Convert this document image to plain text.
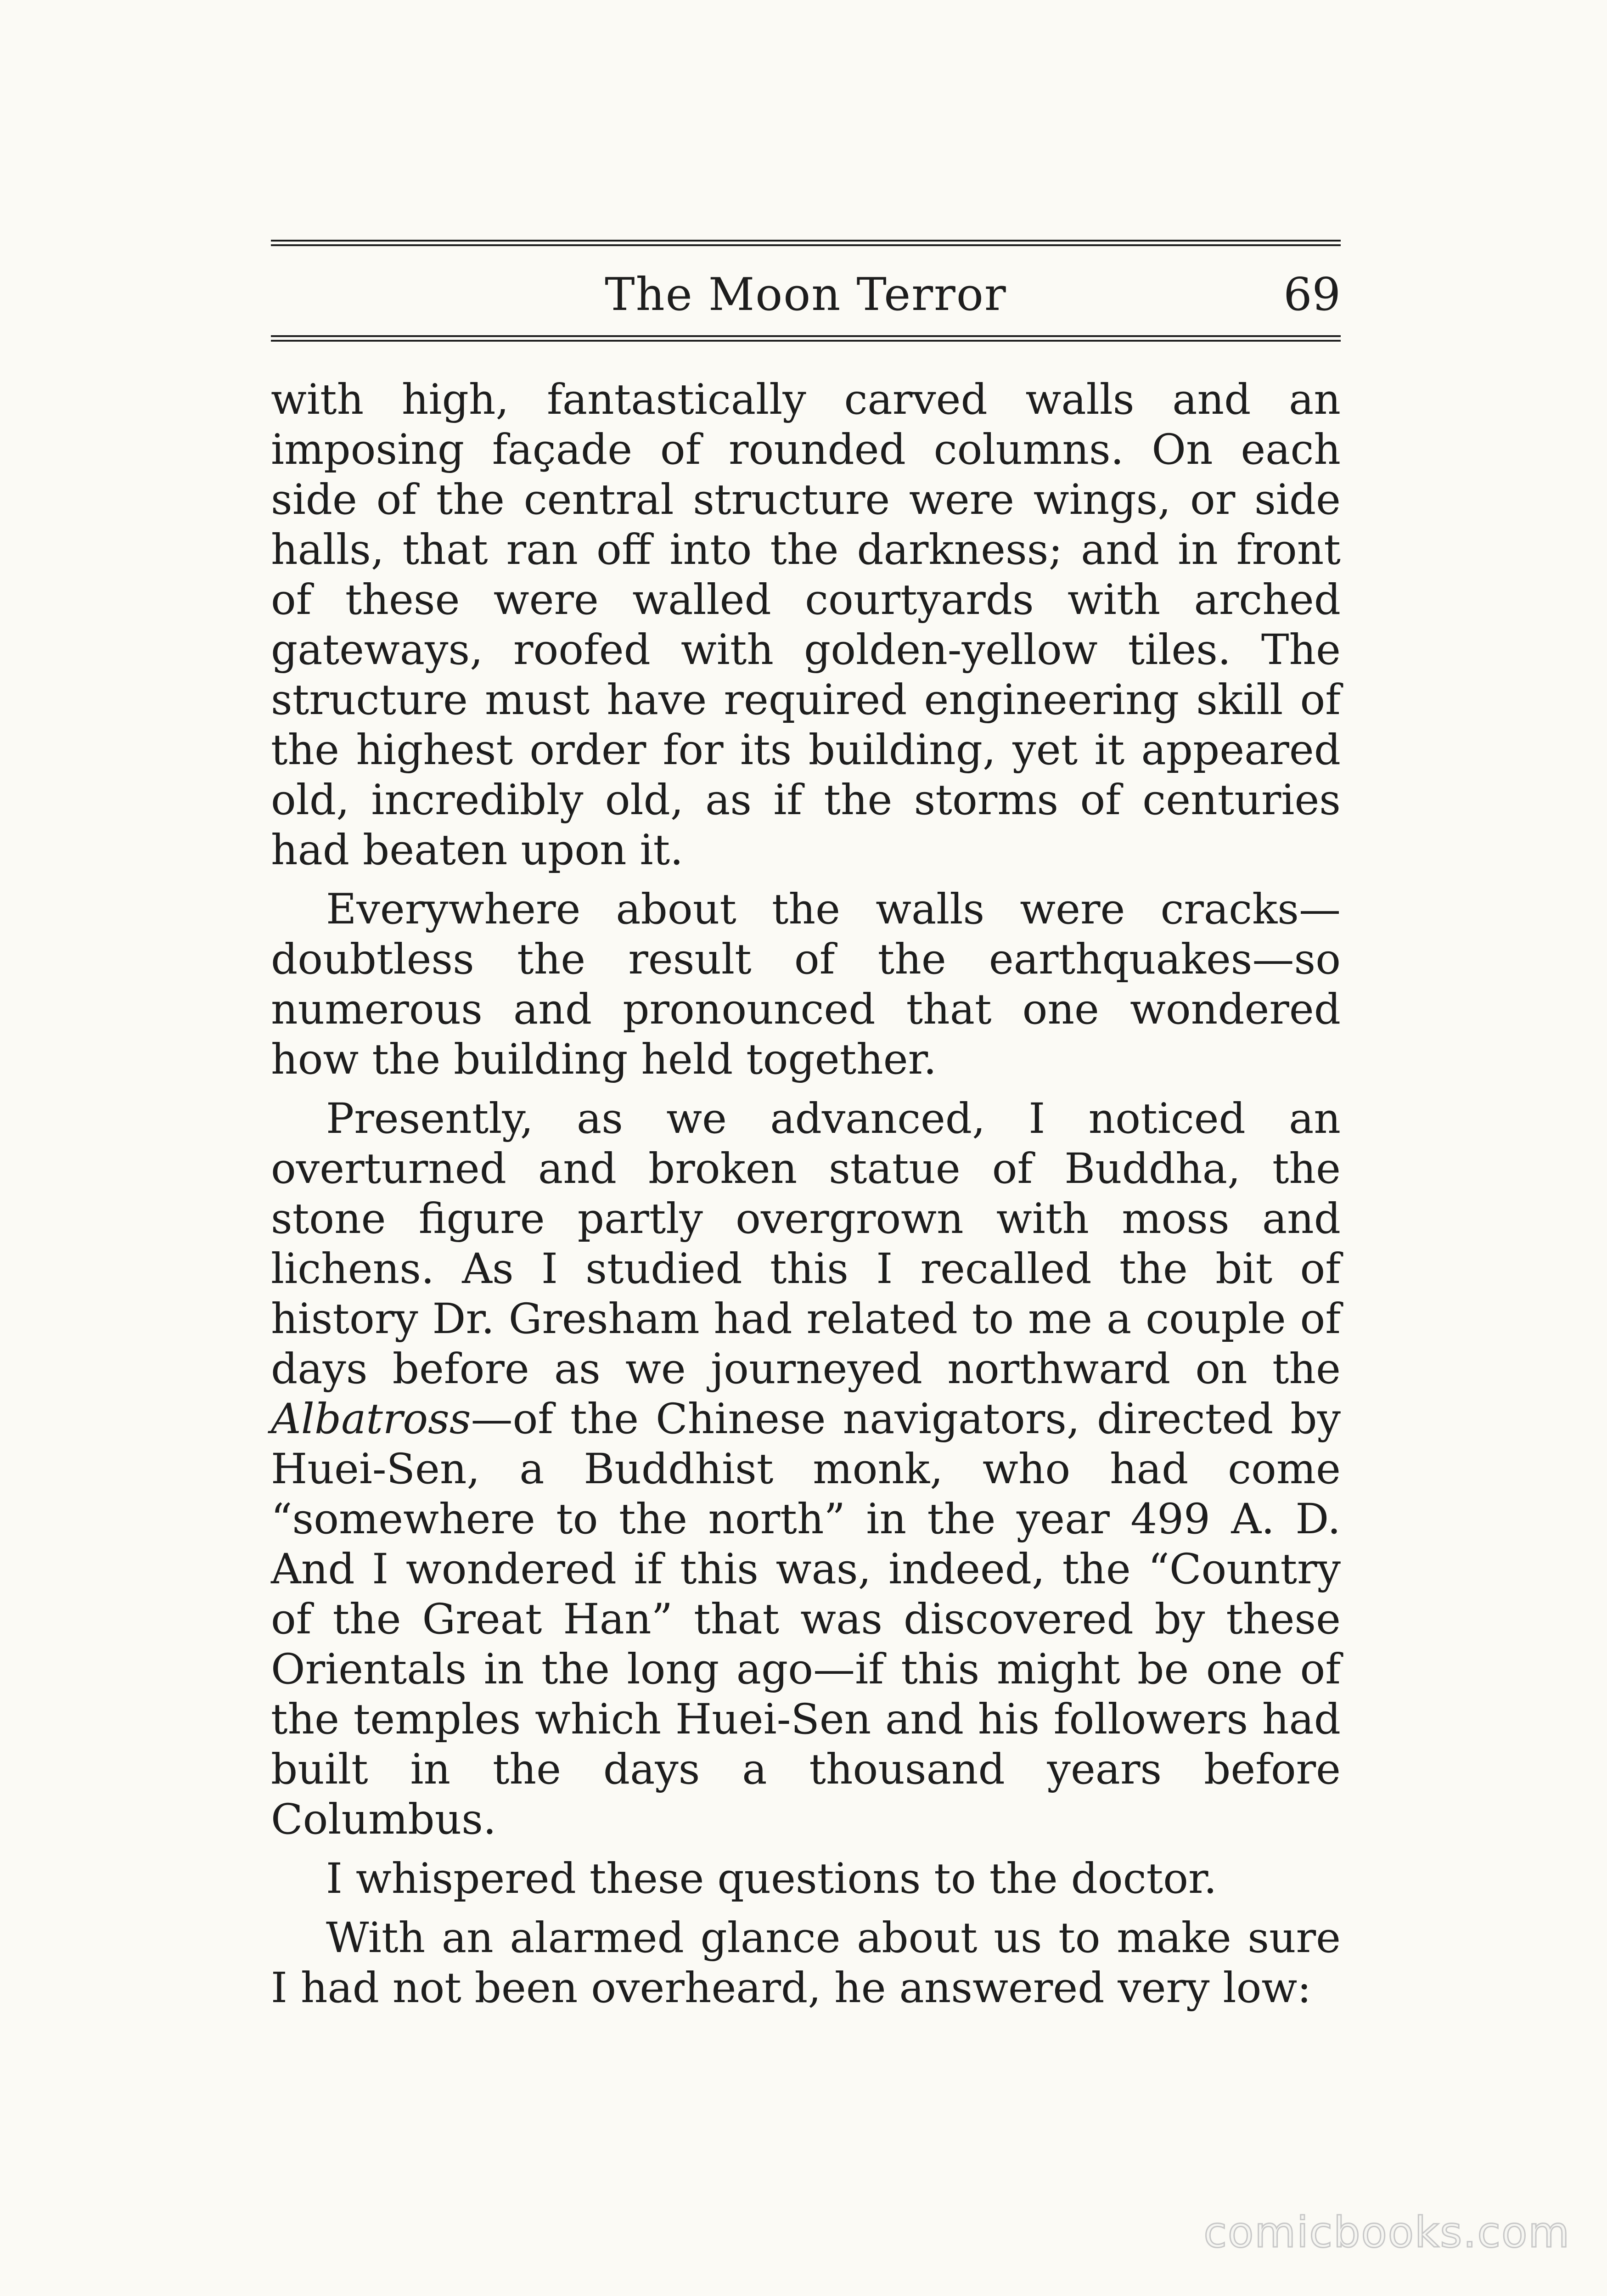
The Moon Terror	69

with high, fantastically carved walls and an imposing façade of rounded columns. On each side of the central structure were wings, or side halls, that ran off into the darkness; and in front of these were walled courtyards with arched gateways, roofed with golden-yellow tiles. The structure must have required engineering skill of the highest order for its building, yet it appeared old, incredibly old, as if the storms of centuries had beaten upon it.

Everywhere about the walls were cracks—doubtless the result of the earthquakes—so numerous and pronounced that one wondered how the building held together.

Presently, as we advanced, I noticed an overturned and broken statue of Buddha, the stone figure partly overgrown with moss and lichens. As I studied this I recalled the bit of history Dr. Gresham had related to me a couple of days before as we journeyed northward on the Albatross—of the Chinese navigators, directed by Huei-Sen, a Buddhist monk, who had come “somewhere to the north” in the year 499 A. D. And I wondered if this was, indeed, the “Country of the Great Han” that was discovered by these Orientals in the long ago—if this might be one of the temples which Huei-Sen and his followers had built in the days a thousand years before Columbus.

I whispered these questions to the doctor.

With an alarmed glance about us to make sure I had not been overheard, he answered very low:

comicbooks.com
